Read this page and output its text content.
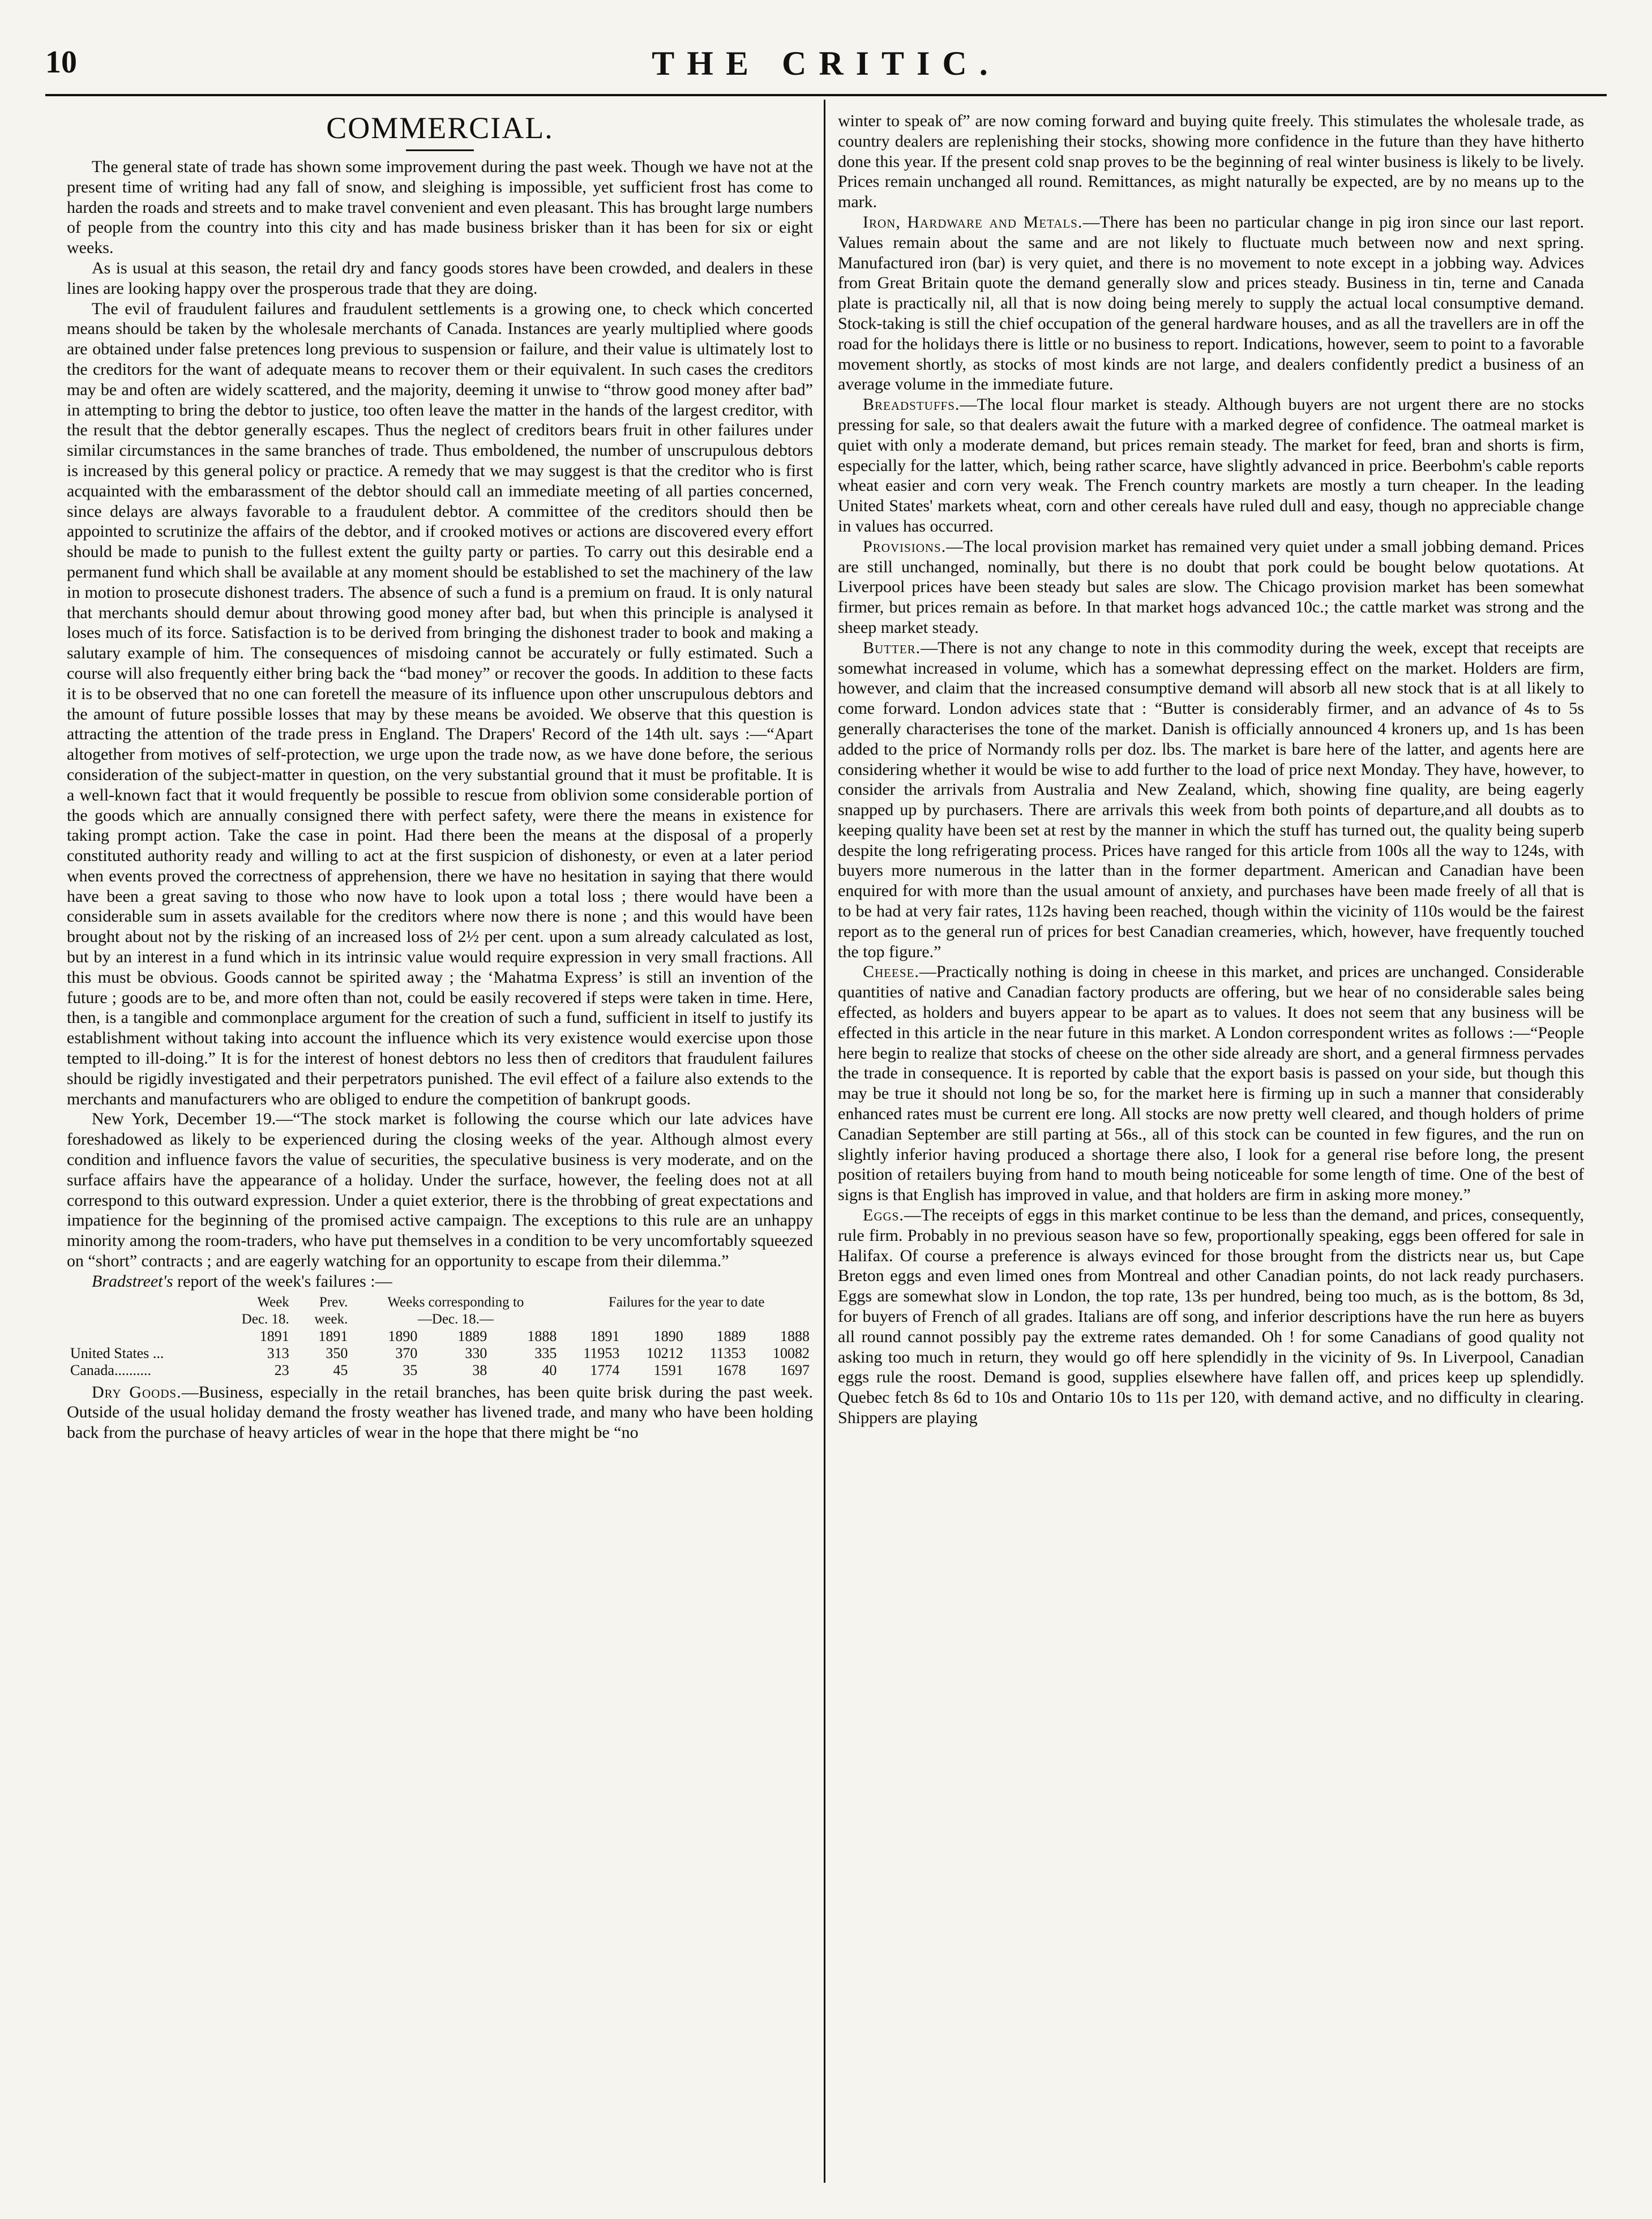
THE CRITIC.
10
COMMERCIAL.

The general state of trade has shown some improvement during the past week. Though we have not at the present time of writing had any fall of snow, and sleighing is impossible, yet sufficient frost has come to harden the roads and streets and to make travel convenient and even pleasant. This has brought large numbers of people from the country into this city and has made business brisker than it has been for six or eight weeks.

As is usual at this season, the retail dry and fancy goods stores have been crowded, and dealers in these lines are looking happy over the prosperous trade that they are doing.

The evil of fraudulent failures and fraudulent settlements is a growing one, to check which concerted means should be taken by the wholesale merchants of Canada. Instances are yearly multiplied where goods are obtained under false pretences long previous to suspension or failure, and their value is ultimately lost to the creditors for the want of adequate means to recover them or their equivalent. In such cases the creditors may be and often are widely scattered, and the majority, deeming it unwise to “throw good money after bad” in attempting to bring the debtor to justice, too often leave the matter in the hands of the largest creditor, with the result that the debtor generally escapes. Thus the neglect of creditors bears fruit in other failures under similar circumstances in the same branches of trade. Thus emboldened, the number of unscrupulous debtors is increased by this general policy or practice. A remedy that we may suggest is that the creditor who is first acquainted with the embarassment of the debtor should call an immediate meeting of all parties concerned, since delays are always favorable to a fraudulent debtor. A committee of the creditors should then be appointed to scrutinize the affairs of the debtor, and if crooked motives or actions are discovered every effort should be made to punish to the fullest extent the guilty party or parties. To carry out this desirable end a permanent fund which shall be available at any moment should be established to set the machinery of the law in motion to prosecute dishonest traders. The absence of such a fund is a premium on fraud. It is only natural that merchants should demur about throwing good money after bad, but when this principle is analysed it loses much of its force. Satisfaction is to be derived from bringing the dishonest trader to book and making a salutary example of him. The consequences of misdoing cannot be accurately or fully estimated. Such a course will also frequently either bring back the “bad money” or recover the goods. In addition to these facts it is to be observed that no one can foretell the measure of its influence upon other unscrupulous debtors and the amount of future possible losses that may by these means be avoided. We observe that this question is attracting the attention of the trade press in England. The Drapers' Record of the 14th ult. says :—“Apart altogether from motives of self-protection, we urge upon the trade now, as we have done before, the serious consideration of the subject-matter in question, on the very substantial ground that it must be profitable. It is a well-known fact that it would frequently be possible to rescue from oblivion some considerable portion of the goods which are annually consigned there with perfect safety, were there the means in existence for taking prompt action. Take the case in point. Had there been the means at the disposal of a properly constituted authority ready and willing to act at the first suspicion of dishonesty, or even at a later period when events proved the correctness of apprehension, there we have no hesitation in saying that there would have been a great saving to those who now have to look upon a total loss ; there would have been a considerable sum in assets available for the creditors where now there is none ; and this would have been brought about not by the risking of an increased loss of 2½ per cent. upon a sum already calculated as lost, but by an interest in a fund which in its intrinsic value would require expression in very small fractions. All this must be obvious. Goods cannot be spirited away ; the ‘Mahatma Express’ is still an invention of the future ; goods are to be, and more often than not, could be easily recovered if steps were taken in time. Here, then, is a tangible and commonplace argument for the creation of such a fund, sufficient in itself to justify its establishment without taking into account the influence which its very existence would exercise upon those tempted to ill-doing.” It is for the interest of honest debtors no less then of creditors that fraudulent failures should be rigidly investigated and their perpetrators punished. The evil effect of a failure also extends to the merchants and manufacturers who are obliged to endure the competition of bankrupt goods.

New York, December 19.—“The stock market is following the course which our late advices have foreshadowed as likely to be experienced during the closing weeks of the year. Although almost every condition and influence favors the value of securities, the speculative business is very moderate, and on the surface affairs have the appearance of a holiday. Under the surface, however, the feeling does not at all correspond to this outward expression. Under a quiet exterior, there is the throbbing of great expectations and impatience for the beginning of the promised active campaign. The exceptions to this rule are an unhappy minority among the room-traders, who have put themselves in a condition to be very uncomfortably squeezed on “short” contracts ; and are eagerly watching for an opportunity to escape from their dilemma.”

Bradstreet's report of the week's failures :—

	Week	Prev.	Weeks corresponding to			Failures for the year to date			
	Dec. 18.	week.	—Dec. 18.—						
	1891	1891	1890	1889	1888	1891	1890	1889	1888
United States ...	313	350	370	330	335	11953	10212	11353	10082
Canada..........	23	45	35	38	40	1774	1591	1678	1697

Dry Goods.—Business, especially in the retail branches, has been quite brisk during the past week. Outside of the usual holiday demand the frosty weather has livened trade, and many who have been holding back from the purchase of heavy articles of wear in the hope that there might be “no

winter to speak of” are now coming forward and buying quite freely. This stimulates the wholesale trade, as country dealers are replenishing their stocks, showing more confidence in the future than they have hitherto done this year. If the present cold snap proves to be the beginning of real winter business is likely to be lively. Prices remain unchanged all round. Remittances, as might naturally be expected, are by no means up to the mark.

Iron, Hardware and Metals.—There has been no particular change in pig iron since our last report. Values remain about the same and are not likely to fluctuate much between now and next spring. Manufactured iron (bar) is very quiet, and there is no movement to note except in a jobbing way. Advices from Great Britain quote the demand generally slow and prices steady. Business in tin, terne and Canada plate is practically nil, all that is now doing being merely to supply the actual local consumptive demand. Stock-taking is still the chief occupation of the general hardware houses, and as all the travellers are in off the road for the holidays there is little or no business to report. Indications, however, seem to point to a favorable movement shortly, as stocks of most kinds are not large, and dealers confidently predict a business of an average volume in the immediate future.

Breadstuffs.—The local flour market is steady. Although buyers are not urgent there are no stocks pressing for sale, so that dealers await the future with a marked degree of confidence. The oatmeal market is quiet with only a moderate demand, but prices remain steady. The market for feed, bran and shorts is firm, especially for the latter, which, being rather scarce, have slightly advanced in price. Beerbohm's cable reports wheat easier and corn very weak. The French country markets are mostly a turn cheaper. In the leading United States' markets wheat, corn and other cereals have ruled dull and easy, though no appreciable change in values has occurred.

Provisions.—The local provision market has remained very quiet under a small jobbing demand. Prices are still unchanged, nominally, but there is no doubt that pork could be bought below quotations. At Liverpool prices have been steady but sales are slow. The Chicago provision market has been somewhat firmer, but prices remain as before. In that market hogs advanced 10c.; the cattle market was strong and the sheep market steady.

Butter.—There is not any change to note in this commodity during the week, except that receipts are somewhat increased in volume, which has a somewhat depressing effect on the market. Holders are firm, however, and claim that the increased consumptive demand will absorb all new stock that is at all likely to come forward. London advices state that : “Butter is considerably firmer, and an advance of 4s to 5s generally characterises the tone of the market. Danish is officially announced 4 kroners up, and 1s has been added to the price of Normandy rolls per doz. lbs. The market is bare here of the latter, and agents here are considering whether it would be wise to add further to the load of price next Monday. They have, however, to consider the arrivals from Australia and New Zealand, which, showing fine quality, are being eagerly snapped up by purchasers. There are arrivals this week from both points of departure,and all doubts as to keeping quality have been set at rest by the manner in which the stuff has turned out, the quality being superb despite the long refrigerating process. Prices have ranged for this article from 100s all the way to 124s, with buyers more numerous in the latter than in the former department. American and Canadian have been enquired for with more than the usual amount of anxiety, and purchases have been made freely of all that is to be had at very fair rates, 112s having been reached, though within the vicinity of 110s would be the fairest report as to the general run of prices for best Canadian creameries, which, however, have frequently touched the top figure.”

Cheese.—Practically nothing is doing in cheese in this market, and prices are unchanged. Considerable quantities of native and Canadian factory products are offering, but we hear of no considerable sales being effected, as holders and buyers appear to be apart as to values. It does not seem that any business will be effected in this article in the near future in this market. A London correspondent writes as follows :—“People here begin to realize that stocks of cheese on the other side already are short, and a general firmness pervades the trade in consequence. It is reported by cable that the export basis is passed on your side, but though this may be true it should not long be so, for the market here is firming up in such a manner that considerably enhanced rates must be current ere long. All stocks are now pretty well cleared, and though holders of prime Canadian September are still parting at 56s., all of this stock can be counted in few figures, and the run on slightly inferior having produced a shortage there also, I look for a general rise before long, the present position of retailers buying from hand to mouth being noticeable for some length of time. One of the best of signs is that English has improved in value, and that holders are firm in asking more money.”

Eggs.—The receipts of eggs in this market continue to be less than the demand, and prices, consequently, rule firm. Probably in no previous season have so few, proportionally speaking, eggs been offered for sale in Halifax. Of course a preference is always evinced for those brought from the districts near us, but Cape Breton eggs and even limed ones from Montreal and other Canadian points, do not lack ready purchasers. Eggs are somewhat slow in London, the top rate, 13s per hundred, being too much, as is the bottom, 8s 3d, for buyers of French of all grades. Italians are off song, and inferior descriptions have the run here as buyers all round cannot possibly pay the extreme rates demanded. Oh ! for some Canadians of good quality not asking too much in return, they would go off here splendidly in the vicinity of 9s. In Liverpool, Canadian eggs rule the roost. Demand is good, supplies elsewhere have fallen off, and prices keep up splendidly. Quebec fetch 8s 6d to 10s and Ontario 10s to 11s per 120, with demand active, and no difficulty in clearing. Shippers are playing
